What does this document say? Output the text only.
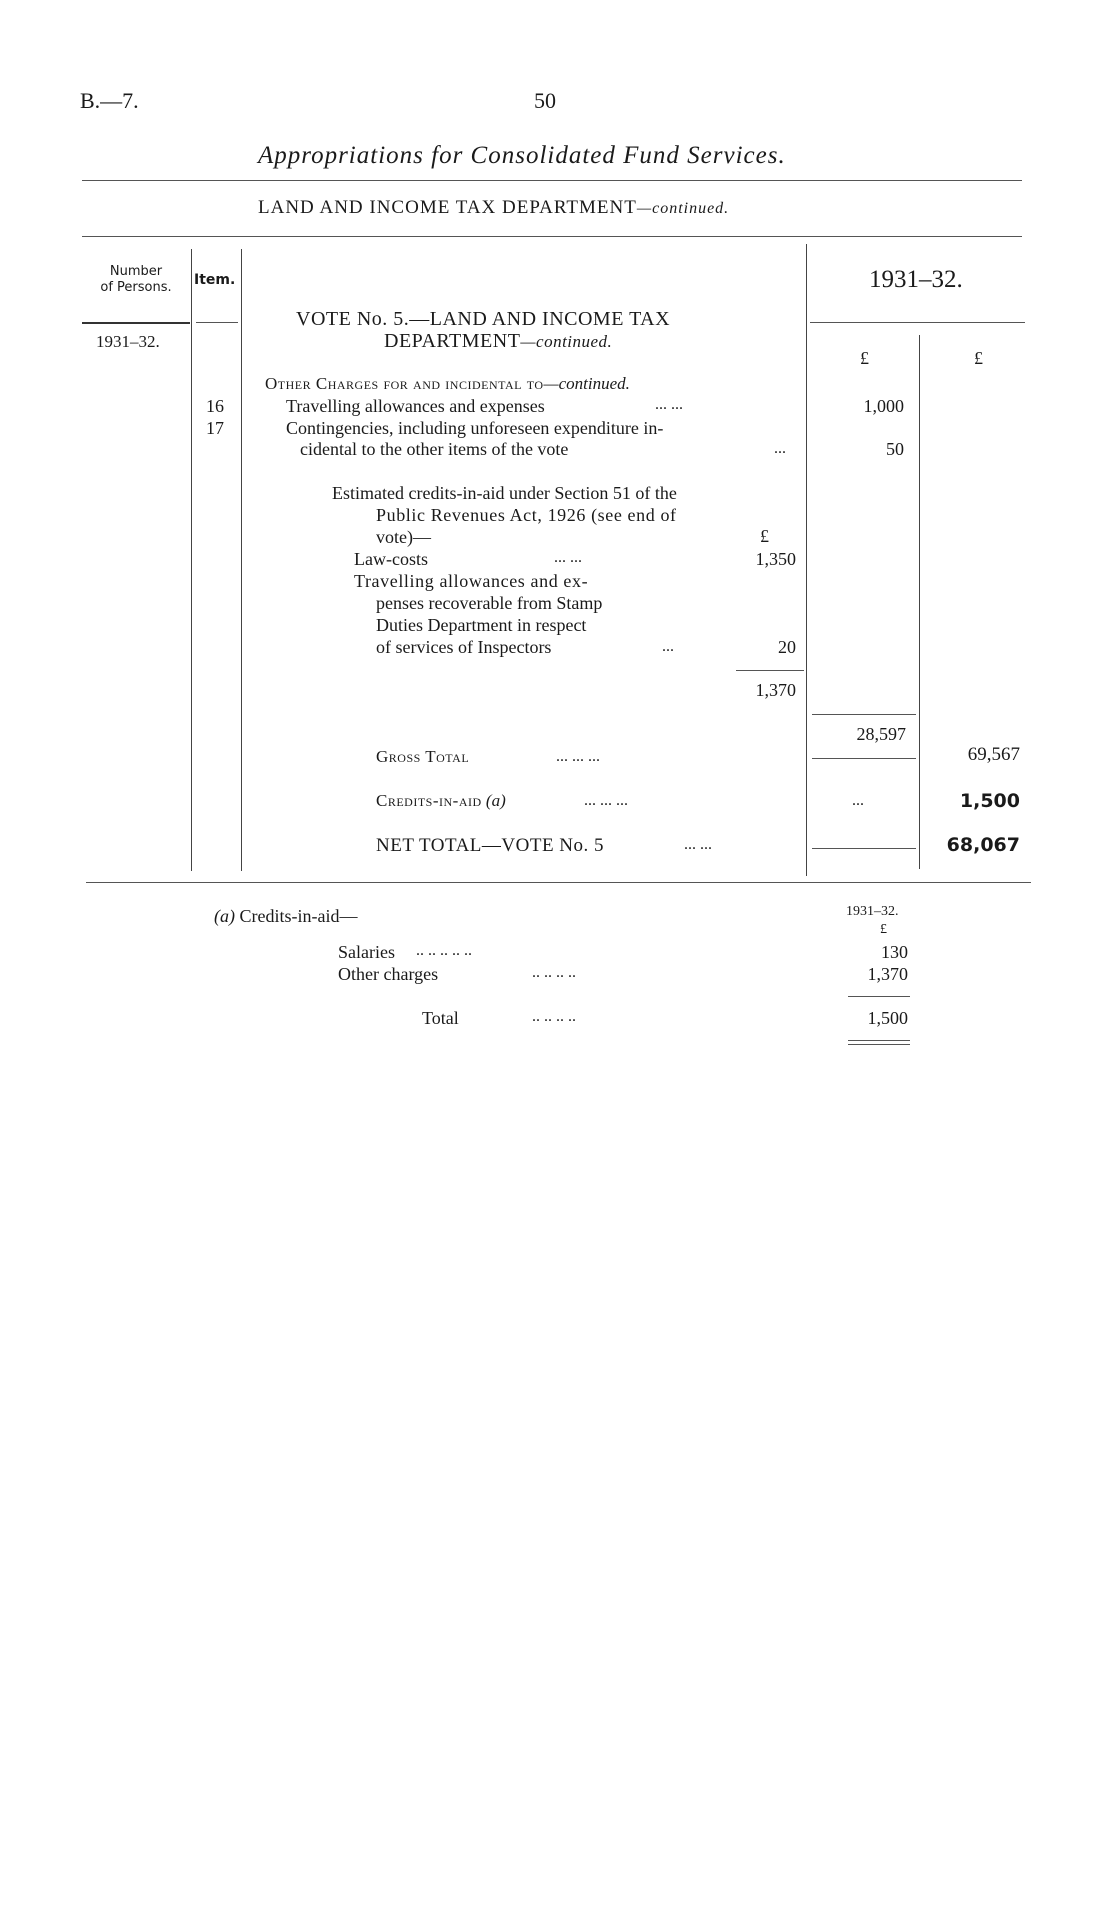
B.—7.	50
Appropriations for Consolidated Fund Services.
LAND AND INCOME TAX DEPARTMENT—continued.
Number
of Persons.	Item.	1931–32.
1931–32.
VOTE No. 5.—LAND AND INCOME TAX
DEPARTMENT—continued.
£	£
Other Charges for and incidental to—continued.
16	Travelling allowances and expenses	... ...	1,000
17	Contingencies, including unforeseen expenditure in-
cidental to the other items of the vote	...	50
Estimated credits-in-aid under Section 51 of the
Public Revenues Act, 1926 (see end of
vote)—	£
Law-costs	... ...	1,350
Travelling allowances and ex-
penses recoverable from Stamp
Duties Department in respect
of services of Inspectors	...	20
1,370
28,597
Gross Total	... ... ...	69,567
Credits-in-aid (a)	... ... ...	...	1,500
NET TOTAL—VOTE No. 5	... ...	68,067
(a) Credits-in-aid—	1931–32.
£
Salaries .. .. .. .. ..	130
Other charges	.. .. .. ..	1,370
Total	.. .. .. ..	1,500
